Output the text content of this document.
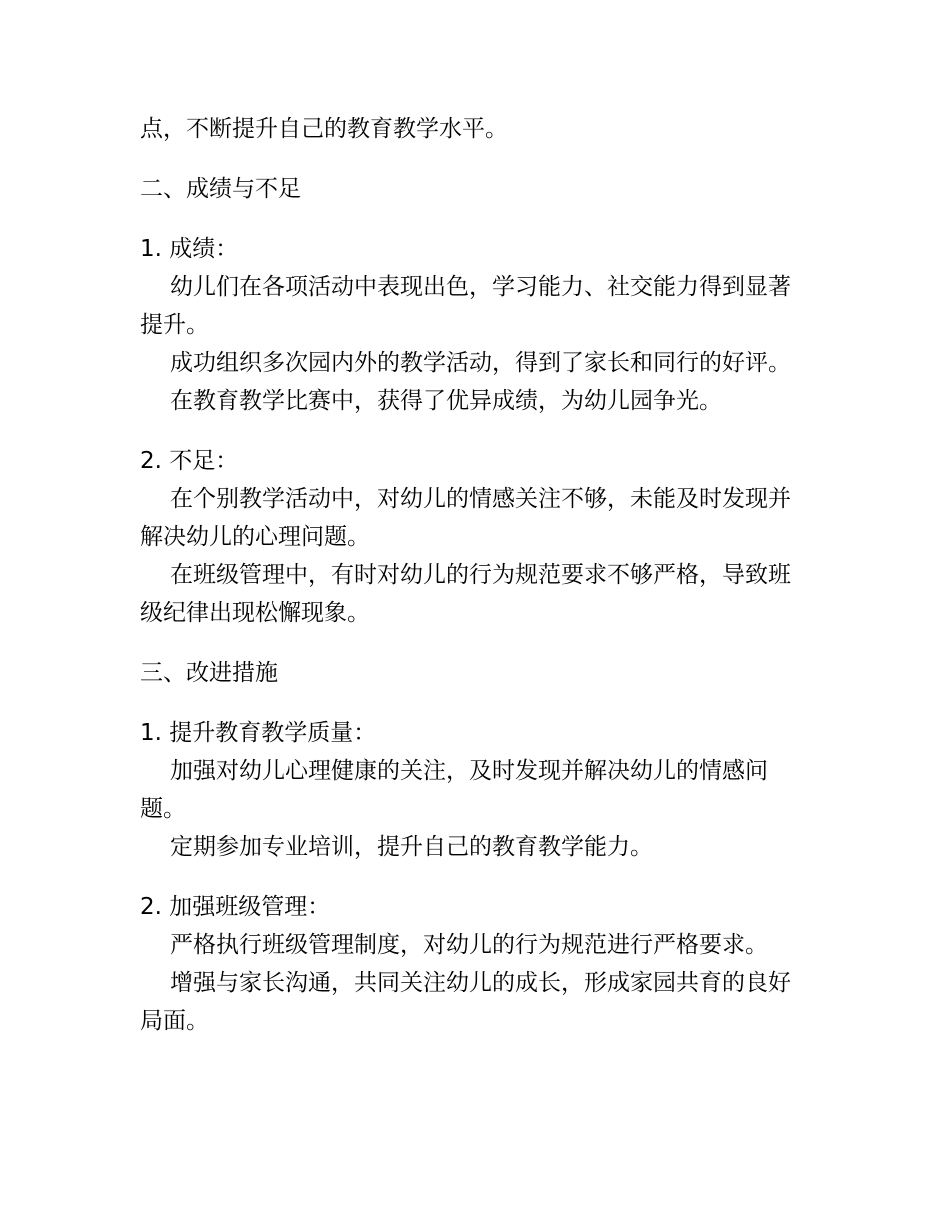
点，不断提升自己的教育教学水平。

二、成绩与不足

1. 成绩：

幼儿们在各项活动中表现出色，学习能力、社交能力得到显著提升。

成功组织多次园内外的教学活动，得到了家长和同行的好评。

在教育教学比赛中，获得了优异成绩，为幼儿园争光。

2. 不足：

在个别教学活动中，对幼儿的情感关注不够，未能及时发现并解决幼儿的心理问题。

在班级管理中，有时对幼儿的行为规范要求不够严格，导致班级纪律出现松懈现象。

三、改进措施

1. 提升教育教学质量：

加强对幼儿心理健康的关注，及时发现并解决幼儿的情感问题。

定期参加专业培训，提升自己的教育教学能力。

2. 加强班级管理：

严格执行班级管理制度，对幼儿的行为规范进行严格要求。

增强与家长沟通，共同关注幼儿的成长，形成家园共育的良好局面。
